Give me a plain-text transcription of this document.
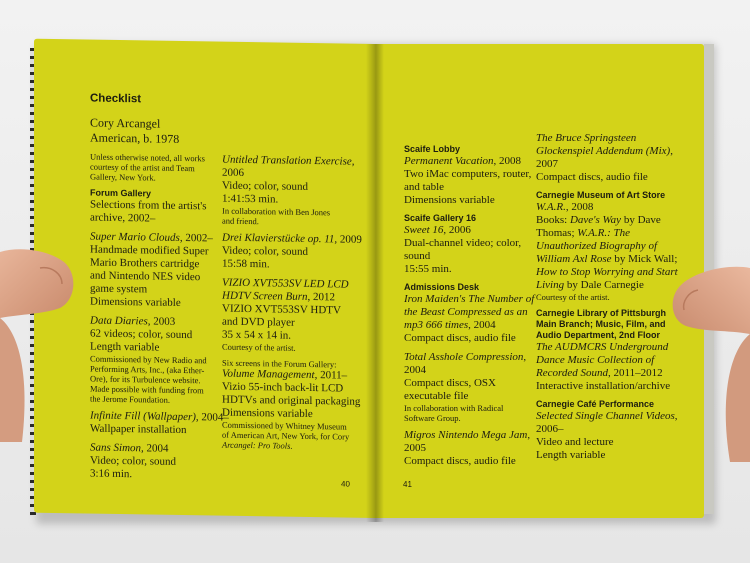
Checklist
Cory Arcangel
American, b. 1978
Unless otherwise noted, all works
courtesy of the artist and Team
Gallery, New York.
Forum Gallery
Selections from the artist's
archive, 2002–
Super Mario Clouds, 2002–
Handmade modified Super
Mario Brothers cartridge
and Nintendo NES video
game system
Dimensions variable
Data Diaries, 2003
62 videos; color, sound
Length variable
Commissioned by New Radio and
Performing Arts, Inc., (aka Ether-
Ore), for its Turbulence website.
Made possible with funding from
the Jerome Foundation.
Infinite Fill (Wallpaper), 2004–
Wallpaper installation
Sans Simon, 2004
Video; color, sound
3:16 min.
Untitled Translation Exercise,
2006
Video; color, sound
1:41:53 min.
In collaboration with Ben Jones
and friend.
Drei Klavierstücke op. 11, 2009
Video; color, sound
15:58 min.
VIZIO XVT553SV LED LCD
HDTV Screen Burn, 2012
VIZIO XVT553SV HDTV
and DVD player
35 x 54 x 14 in.
Courtesy of the artist.
Six screens in the Forum Gallery:
Volume Management, 2011–
Vizio 55-inch back-lit LCD
HDTVs and original packaging
Dimensions variable
Commissioned by Whitney Museum
of American Art, New York, for Cory
Arcangel: Pro Tools.
40
Scaife Lobby
Permanent Vacation, 2008
Two iMac computers, router,
and table
Dimensions variable
Scaife Gallery 16
Sweet 16, 2006
Dual-channel video; color,
sound
15:55 min.
Admissions Desk
Iron Maiden's The Number of
the Beast Compressed as an
mp3 666 times, 2004
Compact discs, audio file
Total Asshole Compression,
2004
Compact discs, OSX
executable file
In collaboration with Radical
Software Group.
Migros Nintendo Mega Jam,
2005
Compact discs, audio file
The Bruce Springsteen
Glockenspiel Addendum (Mix),
2007
Compact discs, audio file
Carnegie Museum of Art Store
W.A.R., 2008
Books: Dave's Way by Dave
Thomas; W.A.R.: The
Unauthorized Biography of
William Axl Rose by Mick Wall;
How to Stop Worrying and Start
Living by Dale Carnegie
Courtesy of the artist.
Carnegie Library of Pittsburgh
Main Branch; Music, Film, and
Audio Department, 2nd Floor
The AUDMCRS Underground
Dance Music Collection of
Recorded Sound, 2011–2012
Interactive installation/archive
Carnegie Café Performance
Selected Single Channel Videos,
2006–
Video and lecture
Length variable
41
